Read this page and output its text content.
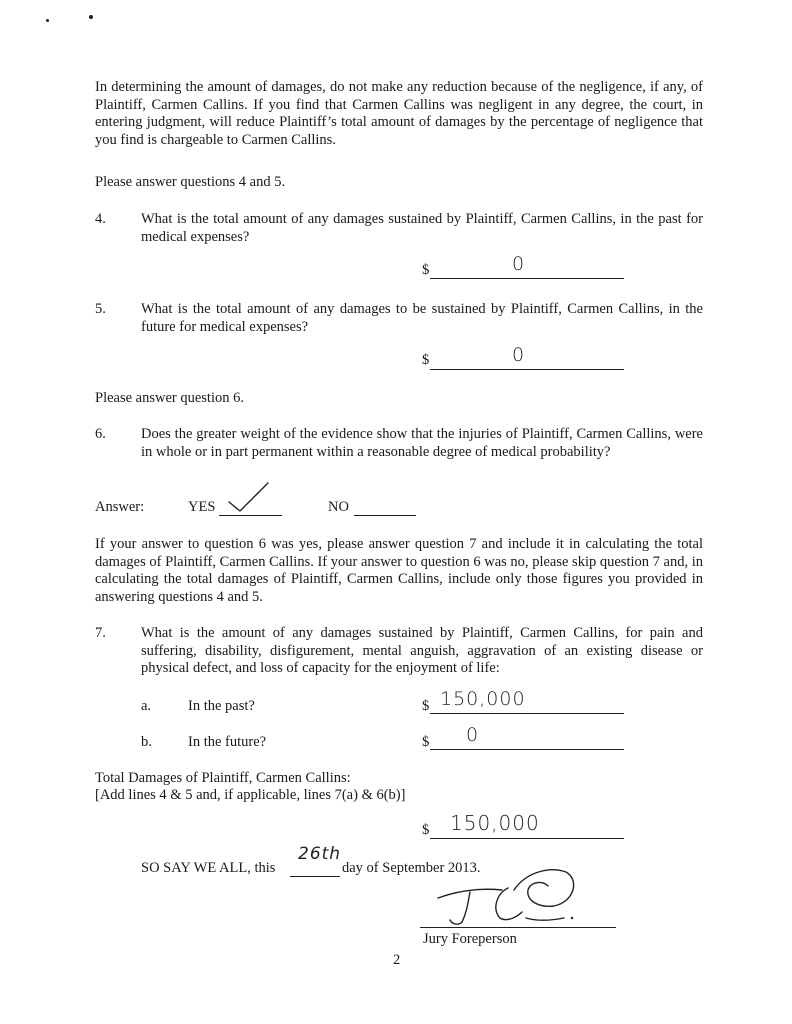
In determining the amount of damages, do not make any reduction because of the negligence, if any, of Plaintiff, Carmen Callins. If you find that Carmen Callins was negligent in any degree, the court, in entering judgment, will reduce Plaintiff’s total amount of damages by the percentage of negligence that you find is chargeable to Carmen Callins.
Please answer questions 4 and 5.
4. What is the total amount of any damages sustained by Plaintiff, Carmen Callins, in the past for medical expenses?
$	0
5. What is the total amount of any damages to be sustained by Plaintiff, Carmen Callins, in the future for medical expenses?
$	0
Please answer question 6.
6. Does the greater weight of the evidence show that the injuries of Plaintiff, Carmen Callins, were in whole or in part permanent within a reasonable degree of medical probability?
Answer:	YES	NO
If your answer to question 6 was yes, please answer question 7 and include it in calculating the total damages of Plaintiff, Carmen Callins. If your answer to question 6 was no, please skip question 7 and, in calculating the total damages of Plaintiff, Carmen Callins, include only those figures you provided in answering questions 4 and 5.
7. What is the amount of any damages sustained by Plaintiff, Carmen Callins, for pain and suffering, disability, disfigurement, mental anguish, aggravation of an existing disease or physical defect, and loss of capacity for the enjoyment of life:
a.	In the past?	$ 150,000
b. In the future?	$ 0
Total Damages of Plaintiff, Carmen Callins:
[Add lines 4 & 5 and, if applicable, lines 7(a) & 6(b)]
$ 150,000
SO SAY WE ALL, this
26th
day of September 2013.
Jury Foreperson
2
